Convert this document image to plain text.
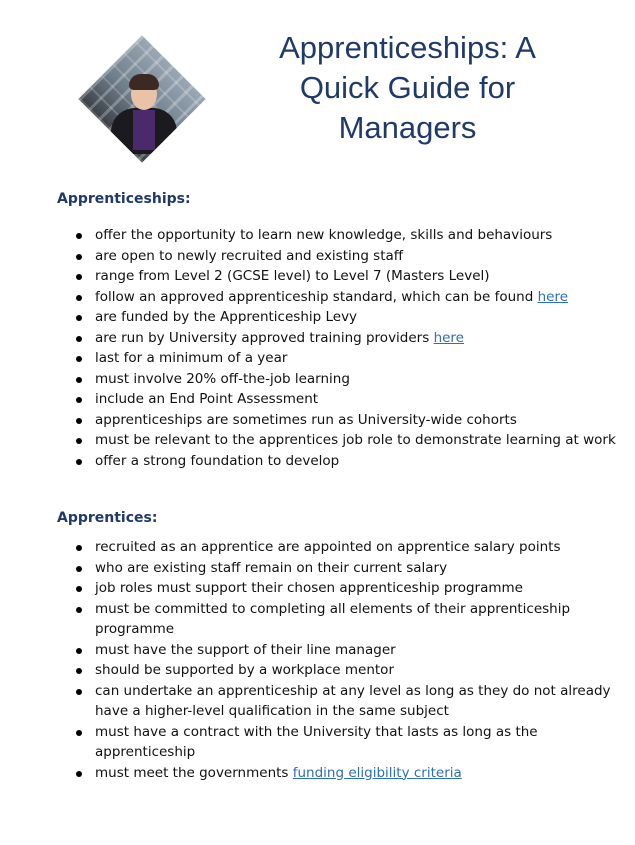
Apprenticeships: A
Quick Guide for
Managers

Apprenticeships:

offer the opportunity to learn new knowledge, skills and behaviours
are open to newly recruited and existing staff
range from Level 2 (GCSE level) to Level 7 (Masters Level)
follow an approved apprenticeship standard, which can be found here
are funded by the Apprenticeship Levy
are run by University approved training providers here
last for a minimum of a year
must involve 20% off-the-job learning
include an End Point Assessment
apprenticeships are sometimes run as University-wide cohorts
must be relevant to the apprentices job role to demonstrate learning at work
offer a strong foundation to develop

Apprentices:

recruited as an apprentice are appointed on apprentice salary points
who are existing staff remain on their current salary
job roles must support their chosen apprenticeship programme
must be committed to completing all elements of their apprenticeship programme
must have the support of their line manager
should be supported by a workplace mentor
can undertake an apprenticeship at any level as long as they do not already have a higher-level qualification in the same subject
must have a contract with the University that lasts as long as the apprenticeship
must meet the governments funding eligibility criteria
